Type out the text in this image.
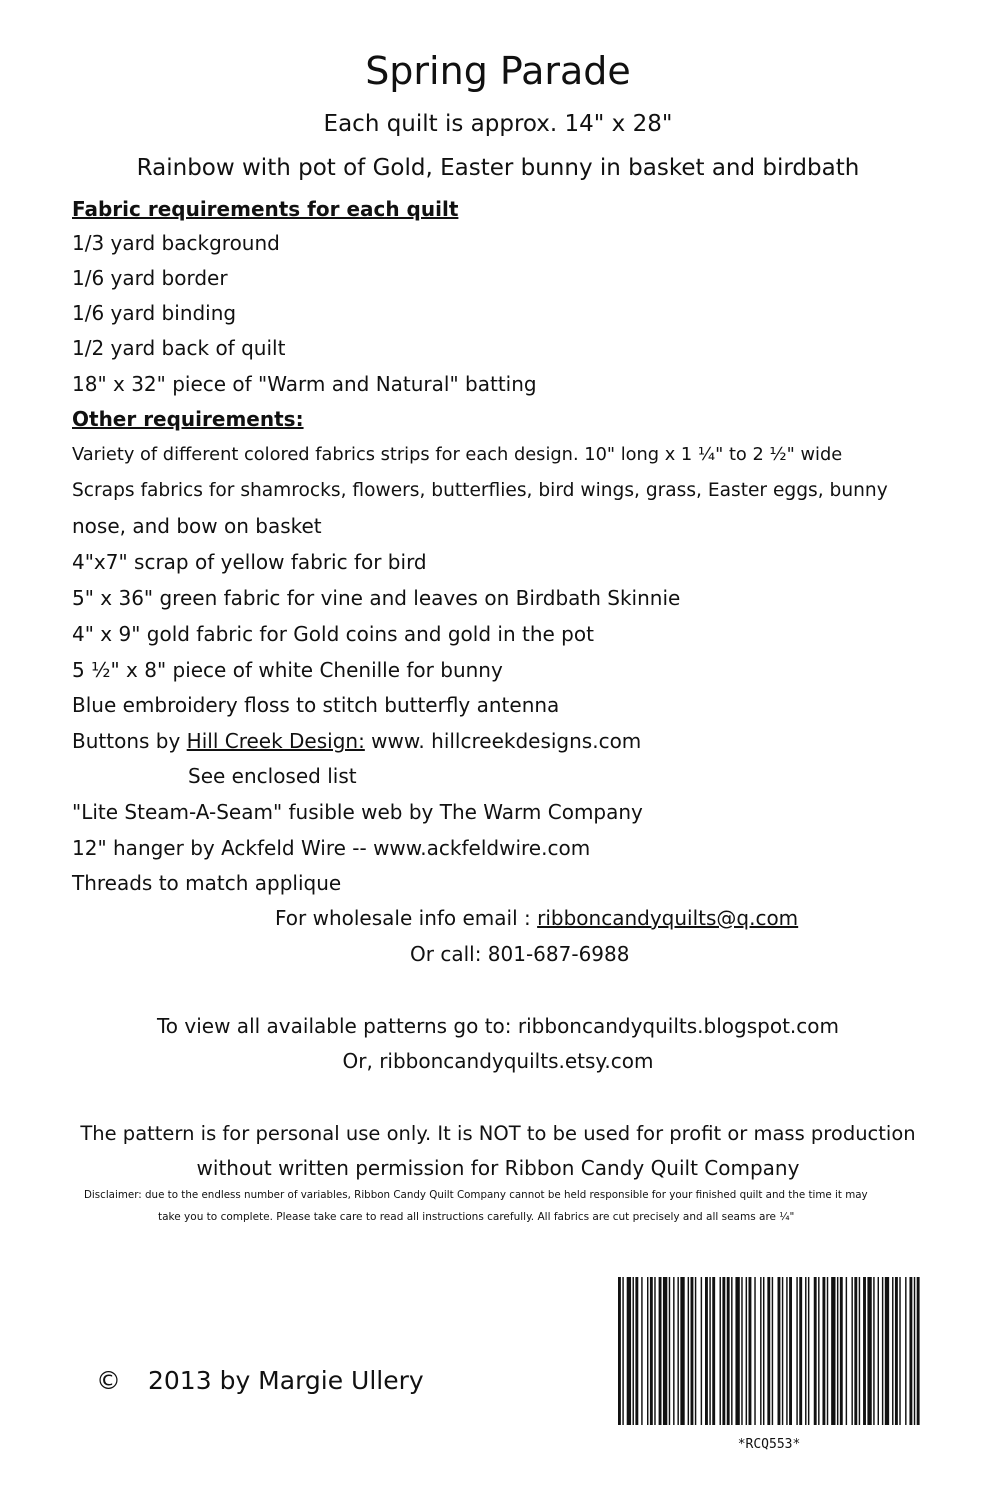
Spring Parade
Each quilt is approx. 14" x 28"
Rainbow with pot of Gold, Easter bunny in basket and birdbath
Fabric requirements for each quilt
1/3 yard background
1/6 yard border
1/6 yard binding
1/2 yard back of quilt
18" x 32" piece of "Warm and Natural" batting
Other requirements:
Variety of different colored fabrics strips for each design. 10" long x 1 ¼" to 2 ½" wide
Scraps fabrics for shamrocks, flowers, butterflies, bird wings, grass, Easter eggs, bunny
nose, and bow on basket
4"x7" scrap of yellow fabric for bird
5" x 36" green fabric for vine and leaves on Birdbath Skinnie
4" x 9" gold fabric for Gold coins and gold in the pot
5 ½" x 8" piece of white Chenille for bunny
Blue embroidery floss to stitch butterfly antenna
Buttons by Hill Creek Design: www. hillcreekdesigns.com
See enclosed list
"Lite Steam-A-Seam" fusible web by The Warm Company
12" hanger by Ackfeld Wire -- www.ackfeldwire.com
Threads to match applique
For wholesale info email : ribboncandyquilts@q.com
Or call: 801-687-6988
To view all available patterns go to: ribboncandyquilts.blogspot.com
Or, ribboncandyquilts.etsy.com
The pattern is for personal use only. It is NOT to be used for profit or mass production
without written permission for Ribbon Candy Quilt Company
Disclaimer: due to the endless number of variables, Ribbon Candy Quilt Company cannot be held responsible for your finished quilt and the time it may
take you to complete. Please take care to read all instructions carefully. All fabrics are cut precisely and all seams are ¼"
© 2013 by Margie Ullery
*RCQ553*
